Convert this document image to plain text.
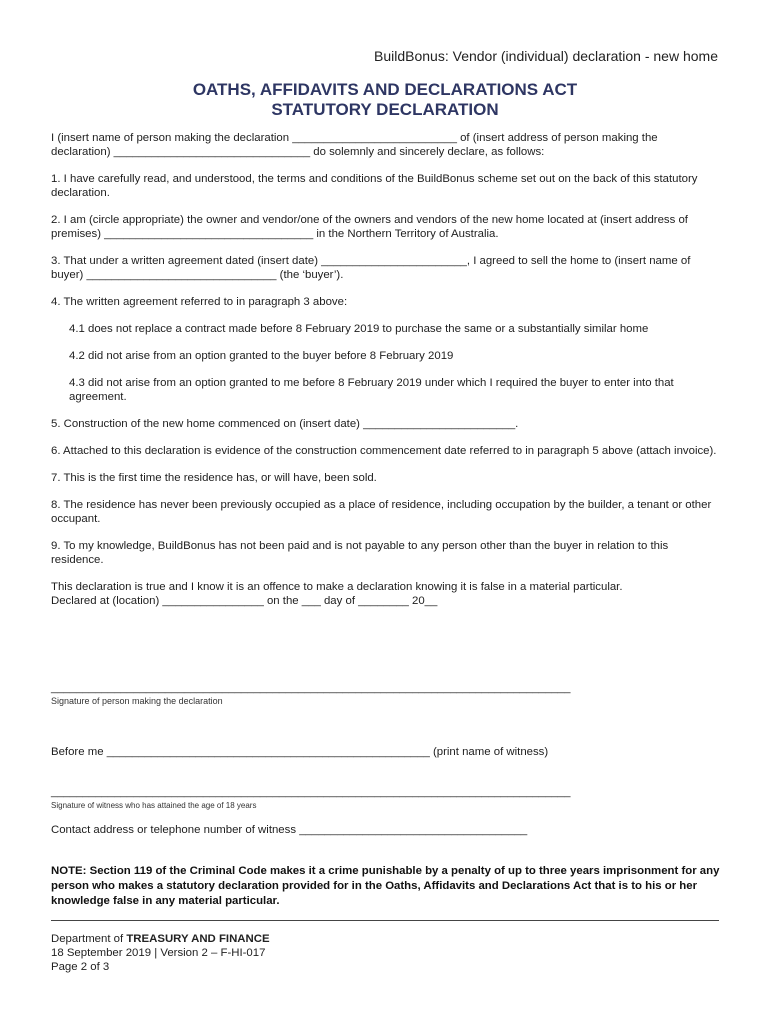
BuildBonus: Vendor (individual) declaration - new home
OATHS, AFFIDAVITS AND DECLARATIONS ACT
STATUTORY DECLARATION

I (insert name of person making the declaration __________________________ of (insert address of person making the declaration) _______________________________ do solemnly and sincerely declare, as follows:

1. I have carefully read, and understood, the terms and conditions of the BuildBonus scheme set out on the back of this statutory declaration.

2. I am (circle appropriate) the owner and vendor/one of the owners and vendors of the new home located at (insert address of premises) _________________________________ in the Northern Territory of Australia.

3. That under a written agreement dated (insert date) _______________________, I agreed to sell the home to (insert name of buyer) ______________________________ (the ‘buyer’).

4. The written agreement referred to in paragraph 3 above:

4.1 does not replace a contract made before 8 February 2019 to purchase the same or a substantially similar home

4.2 did not arise from an option granted to the buyer before 8 February 2019

4.3 did not arise from an option granted to me before 8 February 2019 under which I required the buyer to enter into that agreement.

5. Construction of the new home commenced on (insert date) ________________________.

6. Attached to this declaration is evidence of the construction commencement date referred to in paragraph 5 above (attach invoice).

7. This is the first time the residence has, or will have, been sold.

8. The residence has never been previously occupied as a place of residence, including occupation by the builder, a tenant or other occupant.

9. To my knowledge, BuildBonus has not been paid and is not payable to any person other than the buyer in relation to this residence.

This declaration is true and I know it is an offence to make a declaration knowing it is false in a material particular.
Declared at (location) ________________ on the ___ day of ________ 20__

__________________________________________________________________________________
Signature of person making the declaration
Before me ___________________________________________________ (print name of witness)
__________________________________________________________________________________
Signature of witness who has attained the age of 18 years
Contact address or telephone number of witness ____________________________________
NOTE: Section 119 of the Criminal Code makes it a crime punishable by a penalty of up to three years imprisonment for any person who makes a statutory declaration provided for in the Oaths, Affidavits and Declarations Act that is to his or her knowledge false in any material particular.
Department of TREASURY AND FINANCE
18 September 2019 | Version 2 – F-HI-017
Page 2 of 3
